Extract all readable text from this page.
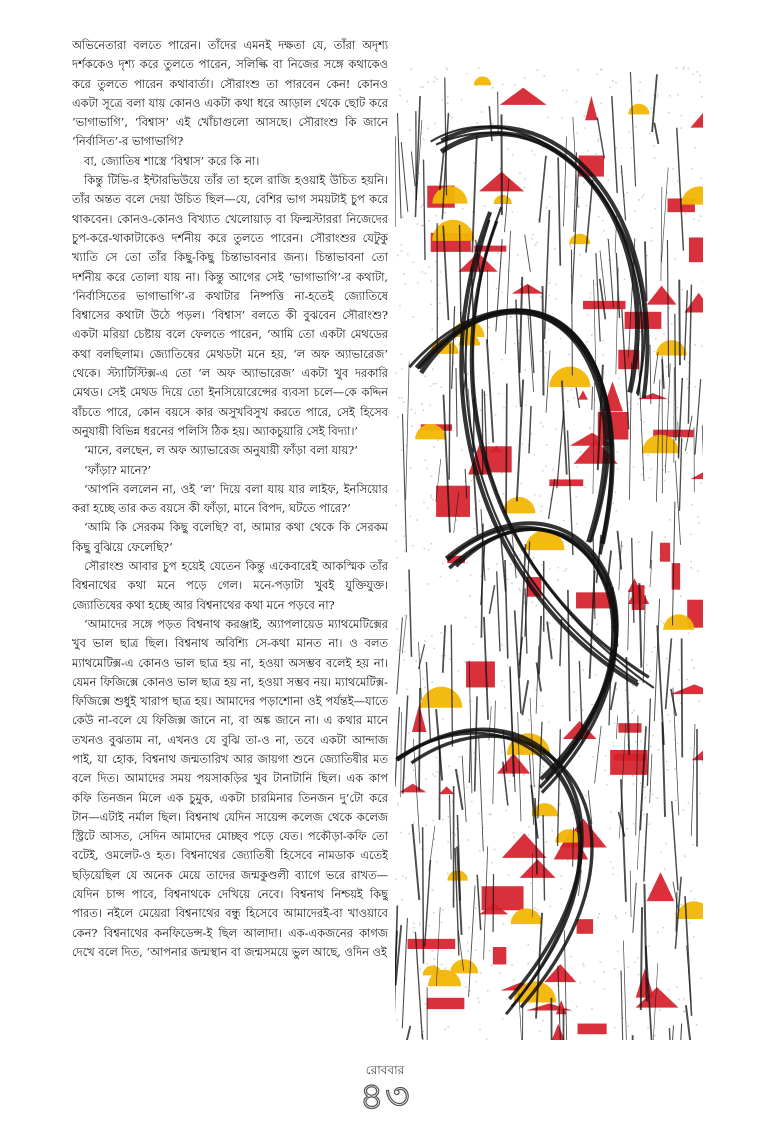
অভিনেতারা বলতে পারেন। তাঁদের এমনই দক্ষতা যে, তাঁরা অদৃশ্য দর্শককেও দৃশ্য করে তুলতে পারেন, সলিল্কি বা নিজের সঙ্গে কথাকেও করে তুলতে পারেন কথাবার্তা। সৌরাংশু তা পারবেন কেন! কোনও একটা সূত্রে বলা যায় কোনও একটা কথা ধরে আড়াল থেকে ছোট করে ‘ভাগাভাগি’, ‘বিশ্বাস’ এই খোঁচাগুলো আসছে। সৌরাংশু কি জানে ‘নির্বাসিত’-র ভাগাভাগি?

বা, জ্যোতিষ শাস্ত্রে ‘বিশ্বাস’ করে কি না।

কিন্তু টিভি-র ইন্টারভিউয়ে তাঁর তা হলে রাজি হওয়াই উচিত হয়নি। তাঁর অন্তত বলে দেয়া উচিত ছিল—যে, বেশির ভাগ সময়টাই চুপ করে থাকবেন। কোনও-কোনও বিখ্যাত খেলোয়াড় বা ফিল্মস্টাররা নিজেদের চুপ-করে-থাকাটাকেও দর্শনীয় করে তুলতে পারেন। সৌরাংশুর যেটুকু খ্যাতি সে তো তাঁর কিছু-কিছু চিন্তাভাবনার জন্য। চিন্তাভাবনা তো দর্শনীয় করে তোলা যায় না। কিন্তু আগের সেই ‘ভাগাভাগি’-র কথাটা, ‘নির্বাসিতের ভাগাভাগি’-র কথাটার নিষ্পত্তি না-হতেই জ্যোতিষে বিশ্বাসের কথাটা উঠে পড়ল। ‘বিশ্বাস’ বলতে কী বুঝবেন সৌরাংশু? একটা মরিয়া চেষ্টায় বলে ফেলতে পারেন, ‘আমি তো একটা মেথডের কথা বলছিলাম। জ্যোতিষের মেথডটা মনে হয়, ‘ল অফ অ্যাভারেজ’ থেকে। স্ট্যাটিস্টিক্স-এ তো ‘ল অফ অ্যাভারেজ’ একটা খুব দরকারি মেথড। সেই মেথড দিয়ে তো ইনসিয়োরেন্সের ব্যবসা চলে—কে কদ্দিন বাঁচতে পারে, কোন বয়সে কার অসুখবিসুখ করতে পারে, সেই হিসেব অনুযায়ী বিভিন্ন ধরনের পলিসি ঠিক হয়। অ্যাকচুয়ারি সেই বিদ্যা।’

‘মানে, বলছেন, ল অফ অ্যাভারেজ অনুযায়ী ফাঁড়া বলা যায়?’

‘ফাঁড়া? মানে?’

‘আপনি বললেন না, ওই ‘ল’ দিয়ে বলা যায় যার লাইফ, ইনসিয়োর করা হচ্ছে তার কত বয়সে কী ফাঁড়া, মানে বিপদ, ঘটতে পারে?’

‘আমি কি সেরকম কিছু বলেছি? বা, আমার কথা থেকে কি সেরকম কিছু বুঝিয়ে ফেলেছি?’

সৌরাংশু আবার চুপ হয়েই যেতেন কিন্তু একেবারেই আকস্মিক তাঁর বিশ্বনাথের কথা মনে পড়ে গেল। মনে-পড়াটা খুবই যুক্তিযুক্ত। জ্যোতিষের কথা হচ্ছে আর বিশ্বনাথের কথা মনে পড়বে না?

‘আমাদের সঙ্গে পড়ত বিশ্বনাথ করঞ্জাই, অ্যাপলায়েড ম্যাথমেটিক্সের খুব ভাল ছাত্র ছিল। বিশ্বনাথ অবিশ্যি সে-কথা মানত না। ও বলত ম্যাথমেটিক্স-এ কোনও ভাল ছাত্র হয় না, হওয়া অসম্ভব বলেই হয় না। যেমন ফিজিক্সে কোনও ভাল ছাত্র হয় না, হওয়া সম্ভব নয়। ম্যাথমেটিক্স-ফিজিক্সে শুধুই খারাপ ছাত্র হয়। আমাদের পড়াশোনা ওই পর্যন্তই—যাতে কেউ না-বলে যে ফিজিক্স জানে না, বা অঙ্ক জানে না। এ কথার মানে তখনও বুঝতাম না, এখনও যে বুঝি তা-ও না, তবে একটা আন্দাজ পাই, যা হোক, বিশ্বনাথ জন্মতারিখ আর জায়গা শুনে জ্যোতিষীর মত বলে দিত। আমাদের সময় পয়সাকড়ির খুব টানাটানি ছিল। এক কাপ কফি তিনজন মিলে এক চুমুক, একটা চারমিনার তিনজন দু’টো করে টান—এটাই নর্মাল ছিল। বিশ্বনাথ যেদিন সায়েন্স কলেজ থেকে কলেজ স্ট্রিটে আসত, সেদিন আমাদের মোচ্ছব পড়ে যেত। পকৌড়া-কফি তো বটেই, ওমলেট-ও হত। বিশ্বনাথের জ্যোতিষী হিসেবে নামডাক এতেই ছড়িয়েছিল যে অনেক মেয়ে তাদের জন্মকুণ্ডলী ব্যাগে ভরে রাখত—যেদিন চান্স পাবে, বিশ্বনাথকে দেখিয়ে নেবে। বিশ্বনাথ নিশ্চয়ই কিছু পারত। নইলে মেয়েরা বিশ্বনাথের বন্ধু হিসেবে আমাদেরই-বা খাওয়াবে কেন? বিশ্বনাথের কনফিডেন্স-ই ছিল আলাদা। এক-একজনের কাগজ দেখে বলে দিত, ‘আপনার জন্মস্থান বা জন্মসময়ে ভুল আছে, ওদিন ওই

রোববার
৪৩
